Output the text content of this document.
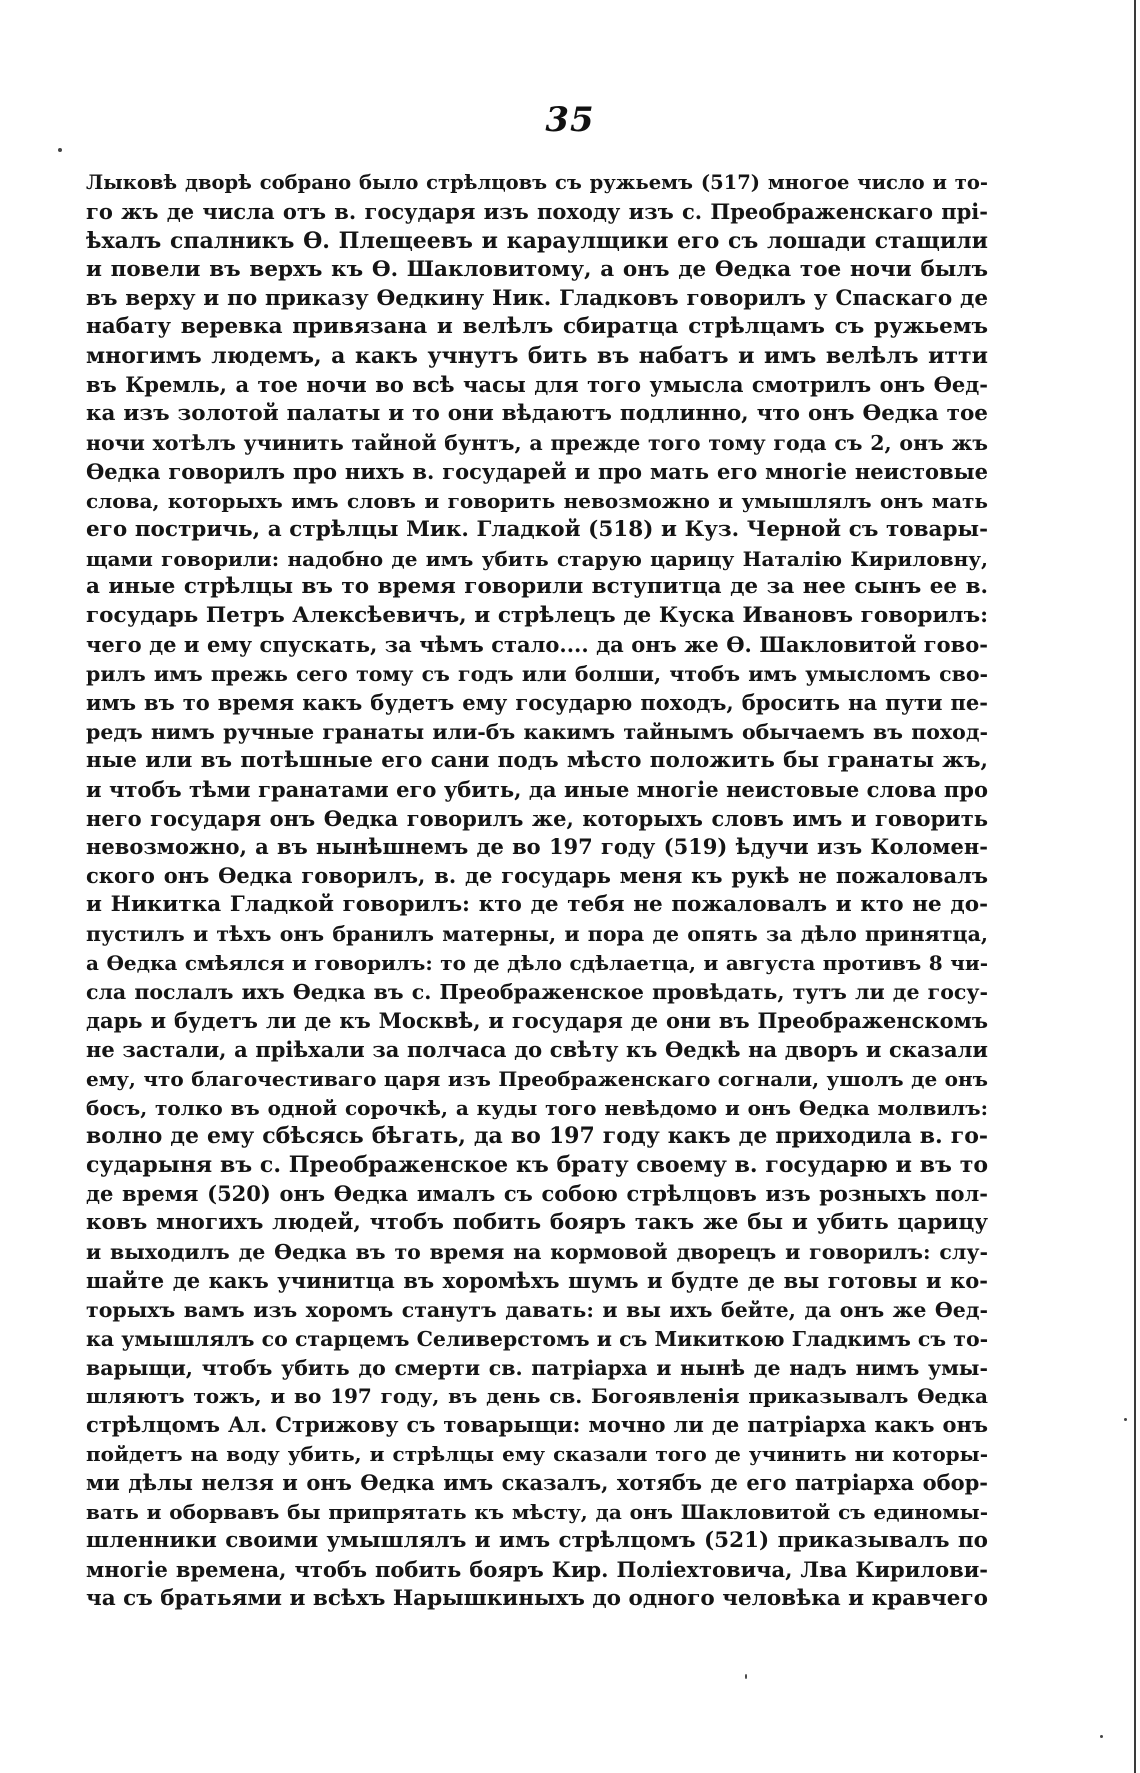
35
Лыковѣ дворѣ собрано было стрѣлцовъ съ ружьемъ (517) многое число и то-
го жъ де числа отъ в. государя изъ походу изъ с. Преображенскаго прі-
ѣхалъ спалникъ Ѳ. Плещеевъ и караулщики его съ лошади стащили
и повели въ верхъ къ Ѳ. Шакловитому, а онъ де Ѳедка тое ночи былъ
въ верху и по приказу Ѳедкину Ник. Гладковъ говорилъ у Спаскаго де
набату веревка привязана и велѣлъ сбиратца стрѣлцамъ съ ружьемъ
многимъ людемъ, а какъ учнутъ бить въ набатъ и имъ велѣлъ итти
въ Кремль, а тое ночи во всѣ часы для того умысла смотрилъ онъ Ѳед-
ка изъ золотой палаты и то они вѣдаютъ подлинно, что онъ Ѳедка тое
ночи хотѣлъ учинить тайной бунтъ, а прежде того тому года съ 2, онъ жъ
Ѳедка говорилъ про нихъ в. государей и про мать его многіе неистовые
слова, которыхъ имъ словъ и говорить невозможно и умышлялъ онъ мать
его постричь, а стрѣлцы Мик. Гладкой (518) и Куз. Черной съ товары-
щами говорили: надобно де имъ убить старую царицу Наталію Кириловну,
а иные стрѣлцы въ то время говорили вступитца де за нее сынъ ее в.
государь Петръ Алексѣевичъ, и стрѣлецъ де Куска Ивановъ говорилъ:
чего де и ему спускать, за чѣмъ стало.... да онъ же Ѳ. Шакловитой гово-
рилъ имъ прежь сего тому съ годъ или болши, чтобъ имъ умысломъ сво-
имъ въ то время какъ будетъ ему государю походъ, бросить на пути пе-
редъ нимъ ручные гранаты или-бъ какимъ тайнымъ обычаемъ въ поход-
ные или въ потѣшные его сани подъ мѣсто положить бы гранаты жъ,
и чтобъ тѣми гранатами его убить, да иные многіе неистовые слова про
него государя онъ Ѳедка говорилъ же, которыхъ словъ имъ и говорить
невозможно, а въ нынѣшнемъ де во 197 году (519) ѣдучи изъ Коломен-
ского онъ Ѳедка говорилъ, в. де государь меня къ рукѣ не пожаловалъ
и Никитка Гладкой говорилъ: кто де тебя не пожаловалъ и кто не до-
пустилъ и тѣхъ онъ бранилъ матерны, и пора де опять за дѣло принятца,
а Ѳедка смѣялся и говорилъ: то де дѣло сдѣлаетца, и августа противъ 8 чи-
сла послалъ ихъ Ѳедка въ с. Преображенское провѣдать, тутъ ли де госу-
дарь и будетъ ли де къ Москвѣ, и государя де они въ Преображенскомъ
не застали, а пріѣхали за полчаса до свѣту къ Ѳедкѣ на дворъ и сказали
ему, что благочестиваго царя изъ Преображенскаго согнали, ушолъ де онъ
босъ, толко въ одной сорочкѣ, а куды того невѣдомо и онъ Ѳедка молвилъ:
волно де ему сбѣсясь бѣгать, да во 197 году какъ де приходила в. го-
сударыня въ с. Преображенское къ брату своему в. государю и въ то
де время (520) онъ Ѳедка ималъ съ собою стрѣлцовъ изъ розныхъ пол-
ковъ многихъ людей, чтобъ побить бояръ такъ же бы и убить царицу
и выходилъ де Ѳедка въ то время на кормовой дворецъ и говорилъ: слу-
шайте де какъ учинитца въ хоромѣхъ шумъ и будте де вы готовы и ко-
торыхъ вамъ изъ хоромъ станутъ давать: и вы ихъ бейте, да онъ же Ѳед-
ка умышлялъ со старцемъ Селиверстомъ и съ Микиткою Гладкимъ съ то-
варыщи, чтобъ убить до смерти св. патріарха и нынѣ де надъ нимъ умы-
шляютъ тожъ, и во 197 году, въ день св. Богоявленія приказывалъ Ѳедка
стрѣлцомъ Ал. Стрижову съ товарыщи: мочно ли де патріарха какъ онъ
пойдетъ на воду убить, и стрѣлцы ему сказали того де учинить ни которы-
ми дѣлы нелзя и онъ Ѳедка имъ сказалъ, хотябъ де его патріарха обор-
вать и оборвавъ бы припрятать къ мѣсту, да онъ Шакловитой съ единомы-
шленники своими умышлялъ и имъ стрѣлцомъ (521) приказывалъ по
многіе времена, чтобъ побить бояръ Кир. Поліехтовича, Лва Кирилови-
ча съ братьями и всѣхъ Нарышкиныхъ до одного человѣка и кравчего
